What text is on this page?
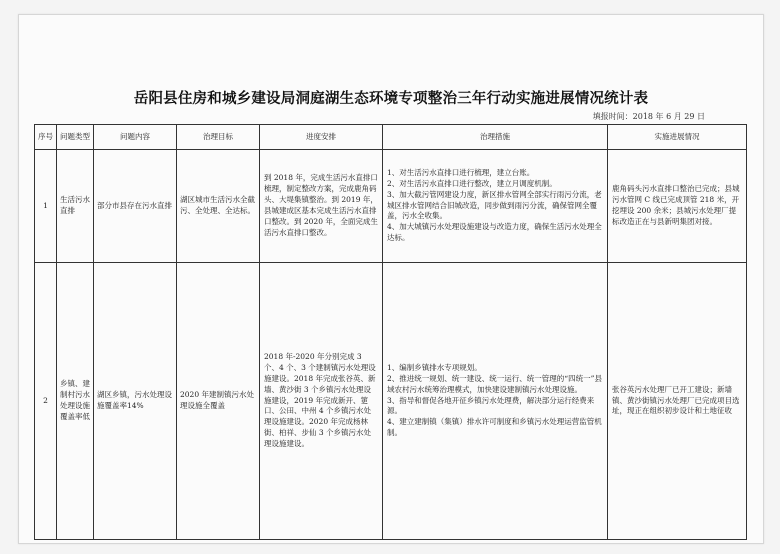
岳阳县住房和城乡建设局洞庭湖生态环境专项整治三年行动实施进展情况统计表
填报时间：2018 年 6 月 29 日
序号	问题类型	问题内容	治理目标	进度安排	治理措施	实施进展情况
1	生活污水直排	部分市县存在污水直排	湖区城市生活污水全截污、全处理、全达标。	到 2018 年，完成生活污水直排口梳理，制定整改方案，完成鹿角码头、大堤集镇整治。到 2019 年，县城建成区基本完成生活污水直排口整改。到 2020 年，全面完成生活污水直排口整改。	1、对生活污水直排口进行梳理，建立台账。
2、对生活污水直排口进行整改，建立月调度机制。
3、加大截污管网建设力度，新区排水管网全部实行雨污分流，老城区排水管网结合旧城改造，同步做到雨污分流，确保管网全覆盖，污水全收集。
4、加大城镇污水处理设施建设与改造力度，确保生活污水处理全达标。	鹿角码头污水直排口整治已完成；县城污水管网 C 线已完成顶管 218 米，开挖埋设 200 余米；县城污水处理厂提标改造正在与县新明集团对接。
2	乡镇、建制村污水处理设施覆盖率低	湖区乡镇，污水处理设施覆盖率14%	2020 年建制镇污水处理设施全覆盖	2018 年-2020 年分别完成 3 个、4 个、3 个建制镇污水处理设施建设。2018 年完成张谷英、新墙、黄沙街 3 个乡镇污水处理设施建设，2019 年完成新开、筻口、公田、中州 4 个乡镇污水处理设施建设。2020 年完成杨林街、柏祥、步仙 3 个乡镇污水处理设施建设。	1、编制乡镇排水专项规划。
2、推进统一规划、统一建设、统一运行、统一管理的“四统一”县域农村污水统筹治理模式，加快建设建制镇污水处理设施。
3、指导和督促各地开征乡镇污水处理费，解决部分运行经费来源。
4、建立建制镇（集镇）排水许可制度和乡镇污水处理运营监管机制。	张谷英污水处理厂已开工建设；新墙镇、黄沙街镇污水处理厂已完成项目选址，现正在组织初步设计和土地征收
